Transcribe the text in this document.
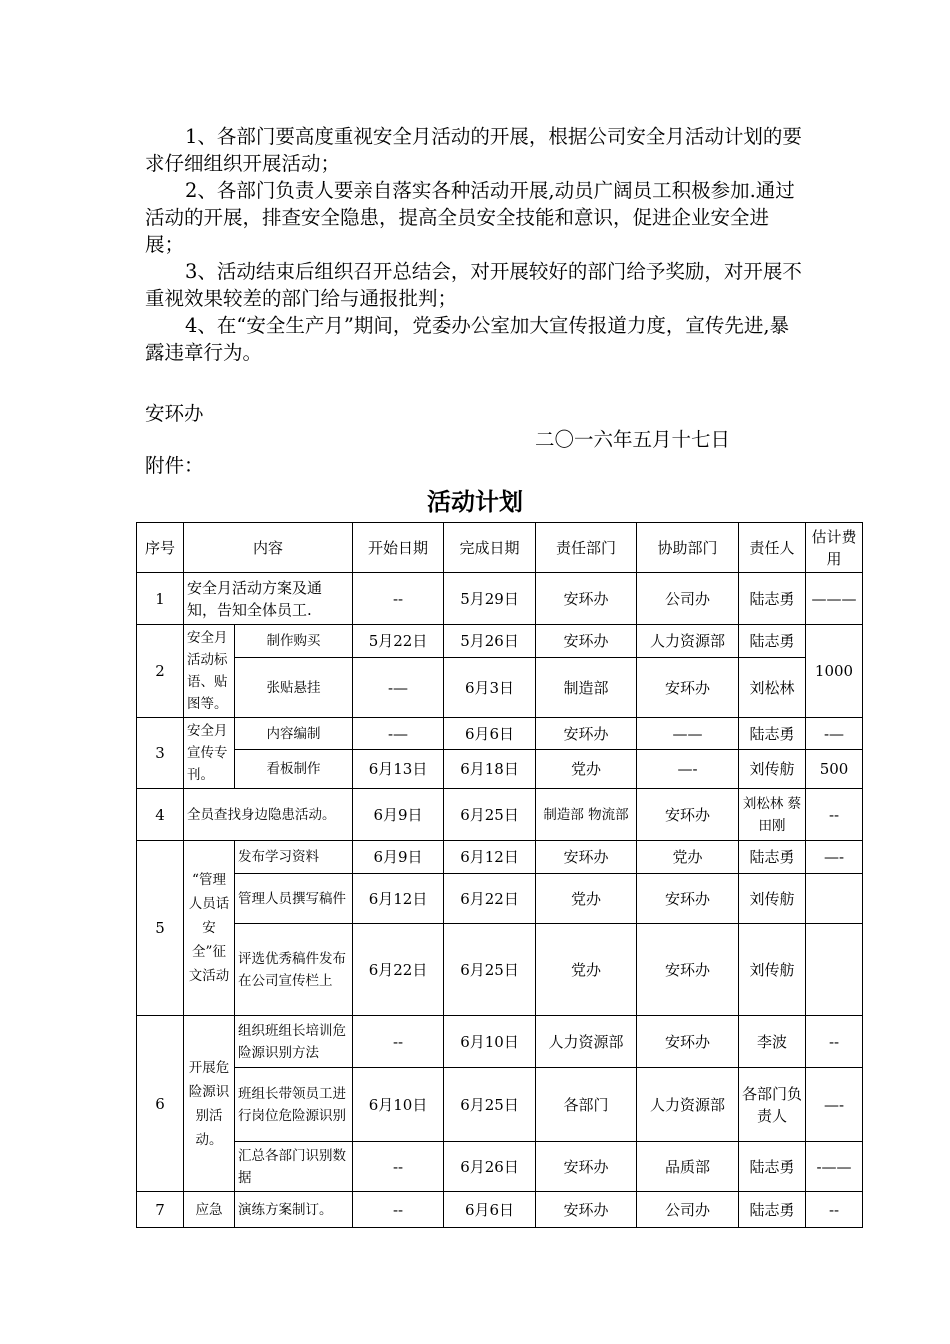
1、各部门要高度重视安全月活动的开展，根据公司安全月活动计划的要求仔细组织开展活动；
2、各部门负责人要亲自落实各种活动开展,动员广阔员工积极参加.通过活动的开展，排查安全隐患，提高全员安全技能和意识，促进企业安全进展；
3、活动结束后组织召开总结会，对开展较好的部门给予奖励，对开展不重视效果较差的部门给与通报批判；
4、在“安全生产月”期间，党委办公室加大宣传报道力度，宣传先进,暴露违章行为。
安环办
二〇一六年五月十七日
附件：
活动计划
序号	内容		开始日期	完成日期	责任部门	协助部门	责任人	估计费用
1	安全月活动方案及通知，告知全体员工.		--	5月29日	安环办	公司办	陆志勇	———
2	安全月活动标语、贴图等。	制作购买	5月22日	5月26日	安环办	人力资源部	陆志勇	1000
		张贴悬挂	-—	6月3日	制造部	安环办	刘松林	
3	安全月宣传专刊。	内容编制	-—	6月6日	安环办	——	陆志勇	-—
		看板制作	6月13日	6月18日	党办	—-	刘传舫	500
4	全员查找身边隐患活动。		6月9日	6月25日	制造部 物流部	安环办	刘松林 蔡田刚	--
5	“管理人员话安全”征文活动	发布学习资料	6月9日	6月12日	安环办	党办	陆志勇	—-
		管理人员撰写稿件	6月12日	6月22日	党办	安环办	刘传舫	
		评选优秀稿件发布在公司宣传栏上	6月22日	6月25日	党办	安环办	刘传舫	
6	开展危险源识别活动。	组织班组长培训危险源识别方法	--	6月10日	人力资源部	安环办	李波	--
		班组长带领员工进行岗位危险源识别	6月10日	6月25日	各部门	人力资源部	各部门负责人	—-
		汇总各部门识别数据	--	6月26日	安环办	品质部	陆志勇	-——
7	应急	演练方案制订。	--	6月6日	安环办	公司办	陆志勇	--
